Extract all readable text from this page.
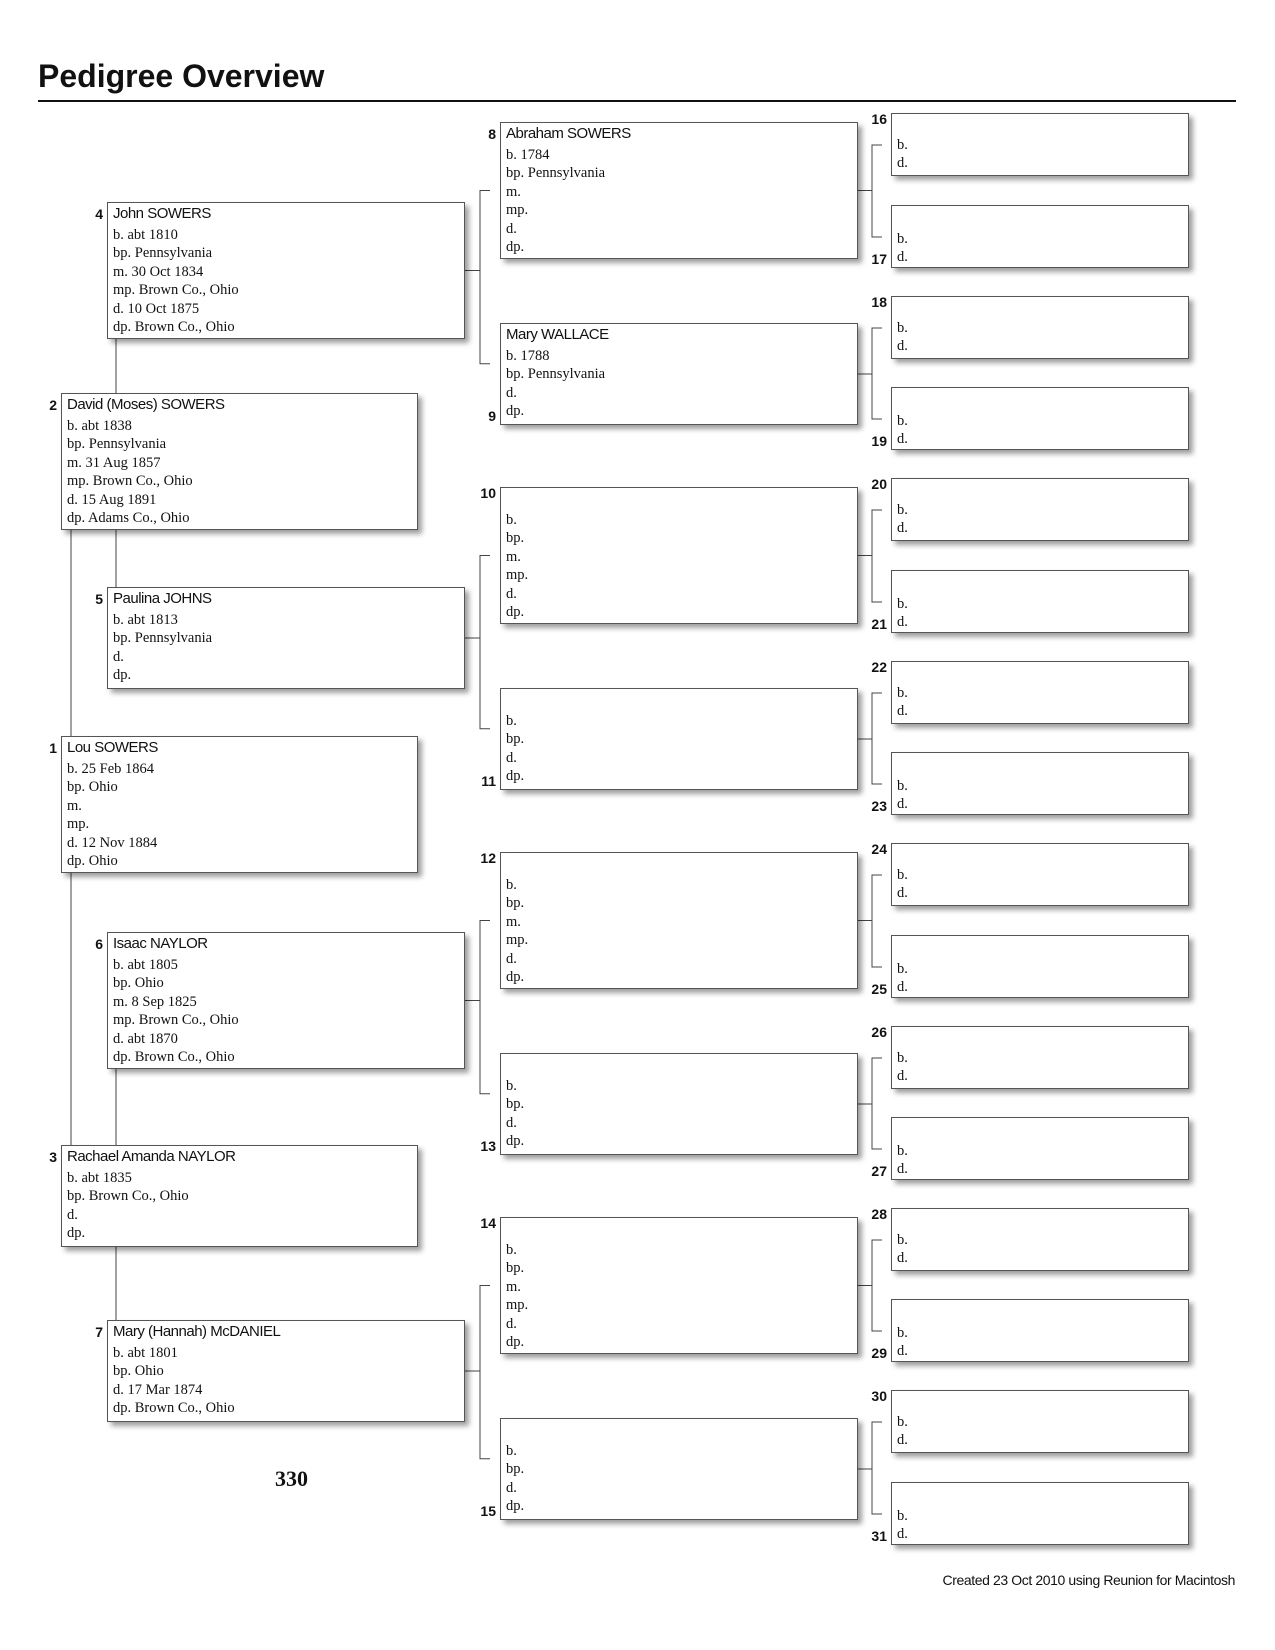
Pedigree Overview
Lou SOWERS
b. 25 Feb 1864
bp. Ohio
m.
mp.
d. 12 Nov 1884
dp. Ohio
1
David (Moses) SOWERS
b. abt 1838
bp. Pennsylvania
m. 31 Aug 1857
mp. Brown Co., Ohio
d. 15 Aug 1891
dp. Adams Co., Ohio
2
Rachael Amanda NAYLOR
b. abt 1835
bp. Brown Co., Ohio
d.
dp.
3
John SOWERS
b. abt 1810
bp. Pennsylvania
m. 30 Oct 1834
mp. Brown Co., Ohio
d. 10 Oct 1875
dp. Brown Co., Ohio
4
Paulina JOHNS
b. abt 1813
bp. Pennsylvania
d.
dp.
5
Isaac NAYLOR
b. abt 1805
bp. Ohio
m. 8 Sep 1825
mp. Brown Co., Ohio
d. abt 1870
dp. Brown Co., Ohio
6
Mary (Hannah) McDANIEL
b. abt 1801
bp. Ohio
d. 17 Mar 1874
dp. Brown Co., Ohio
7
Abraham SOWERS
b. 1784
bp. Pennsylvania
m.
mp.
d.
dp.
8
Mary WALLACE
b. 1788
bp. Pennsylvania
d.
dp.
9
b.
bp.
m.
mp.
d.
dp.
10
b.
bp.
d.
dp.
11
b.
bp.
m.
mp.
d.
dp.
12
b.
bp.
d.
dp.
13
b.
bp.
m.
mp.
d.
dp.
14
b.
bp.
d.
dp.
15
b.
d.
16
b.
d.
17
b.
d.
18
b.
d.
19
b.
d.
20
b.
d.
21
b.
d.
22
b.
d.
23
b.
d.
24
b.
d.
25
b.
d.
26
b.
d.
27
b.
d.
28
b.
d.
29
b.
d.
30
b.
d.
31
330
Created 23 Oct 2010 using Reunion for Macintosh
